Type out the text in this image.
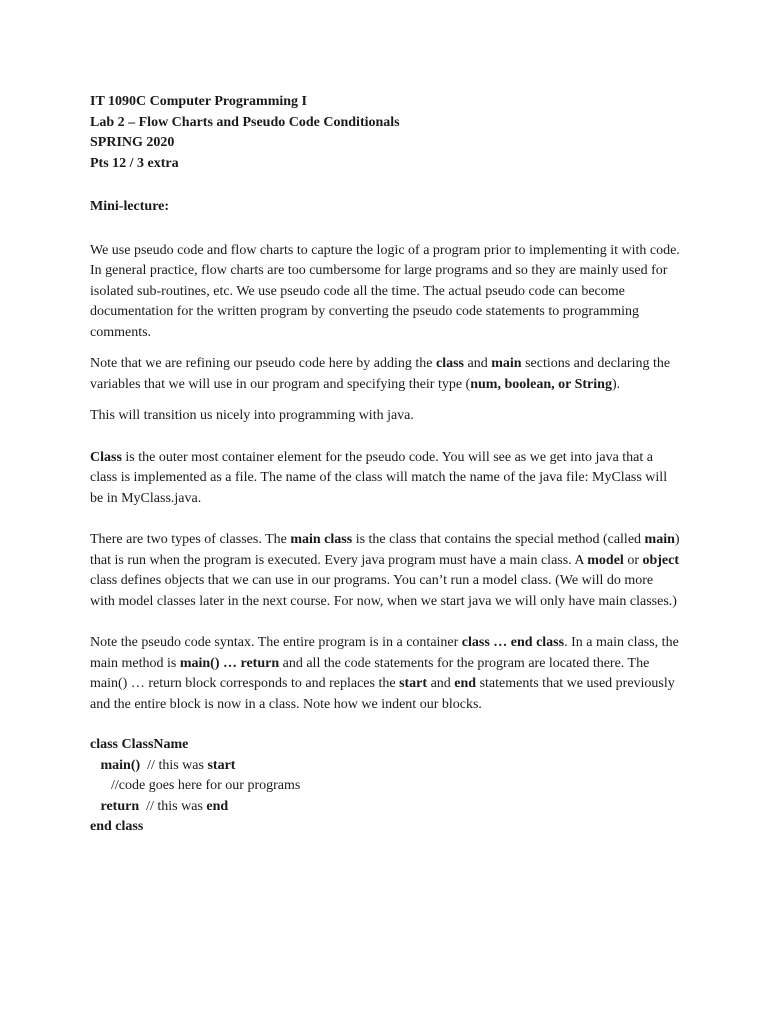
IT 1090C Computer Programming I

Lab 2 – Flow Charts and Pseudo Code Conditionals

SPRING 2020

Pts 12 / 3 extra

Mini-lecture:

We use pseudo code and flow charts to capture the logic of a program prior to implementing it with code. In general practice, flow charts are too cumbersome for large programs and so they are mainly used for isolated sub-routines, etc. We use pseudo code all the time. The actual pseudo code can become documentation for the written program by converting the pseudo code statements to programming comments.

Note that we are refining our pseudo code here by adding the class and main sections and declaring the variables that we will use in our program and specifying their type (num, boolean, or String).

This will transition us nicely into programming with java.

Class is the outer most container element for the pseudo code. You will see as we get into java that a class is implemented as a file. The name of the class will match the name of the java file: MyClass will be in MyClass.java.

There are two types of classes. The main class is the class that contains the special method (called main) that is run when the program is executed. Every java program must have a main class. A model or object class defines objects that we can use in our programs. You can’t run a model class. (We will do more with model classes later in the next course. For now, when we start java we will only have main classes.)

Note the pseudo code syntax. The entire program is in a container class … end class. In a main class, the main method is main() … return and all the code statements for the program are located there. The main() … return block corresponds to and replaces the start and end statements that we used previously and the entire block is now in a class. Note how we indent our blocks.

class ClassName
main()  // this was start
//code goes here for our programs
return  // this was end
end class
